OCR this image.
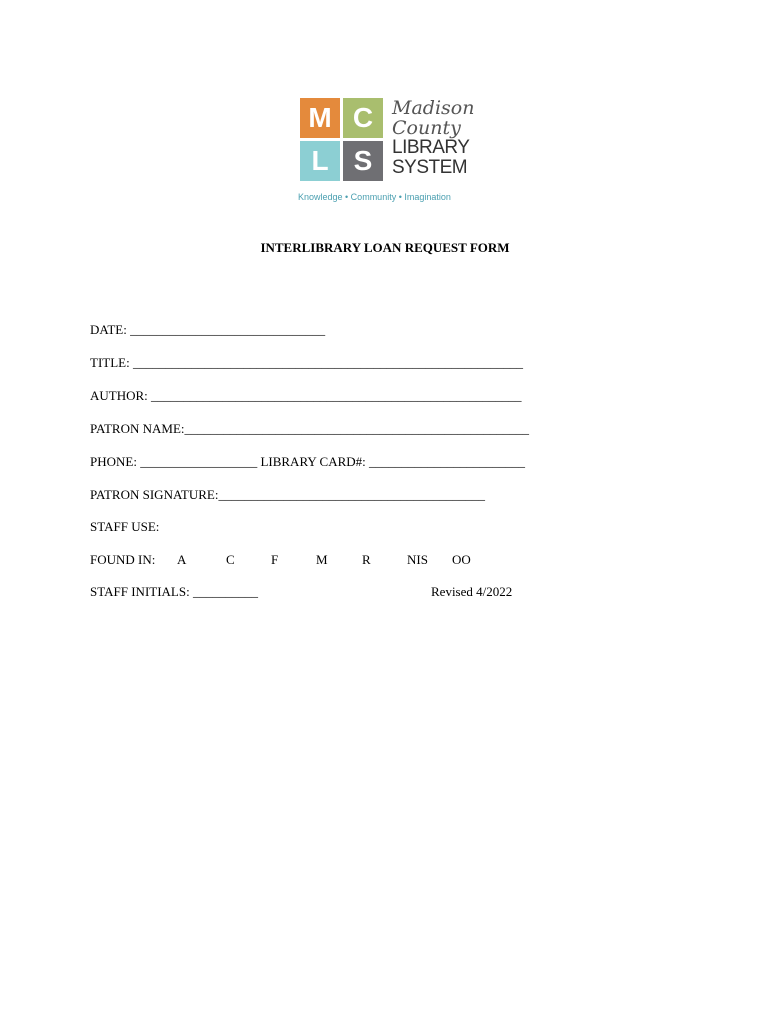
M C
L S
Madison
County
LIBRARY
SYSTEM
Knowledge • Community • Imagination
INTERLIBRARY LOAN REQUEST FORM
DATE: ______________________________
TITLE: ____________________________________________________________
AUTHOR: _________________________________________________________
PATRON NAME:_____________________________________________________
PHONE: __________________ LIBRARY CARD#: ________________________
PATRON SIGNATURE:_________________________________________
STAFF USE:

FOUND IN:

A

	C

	F

	M

	R

	NIS

OO

STAFF INITIALS: __________	Revised 4/2022
